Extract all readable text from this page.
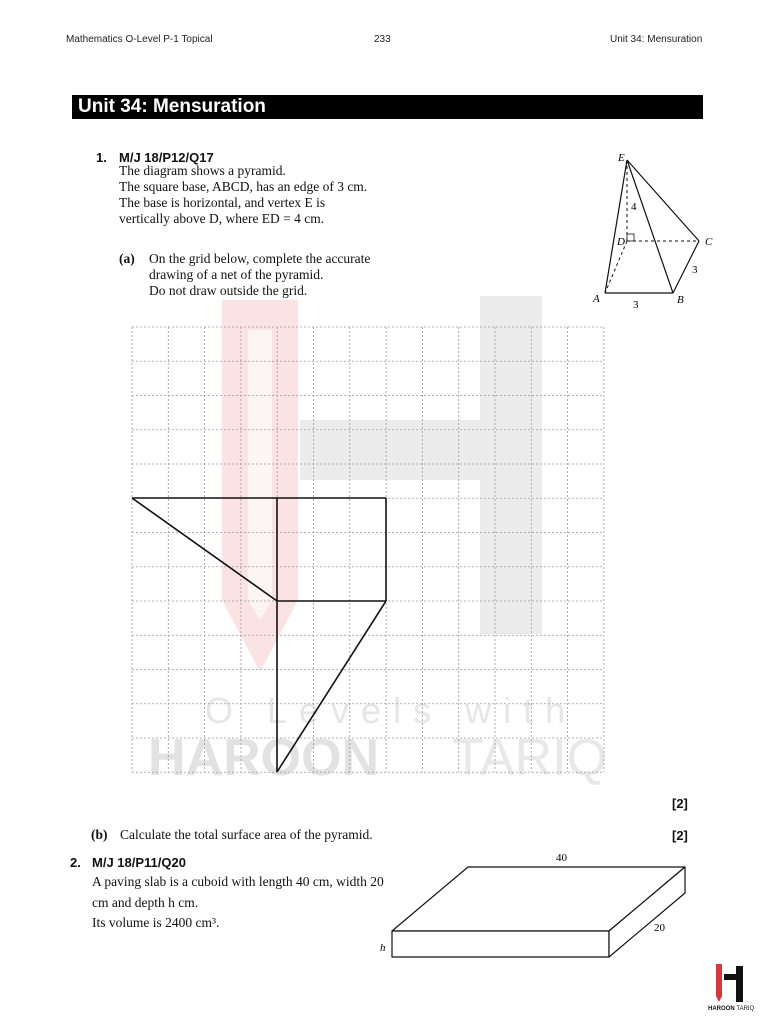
Mathematics O-Level P-1 Topical	233	Unit 34: Mensuration
Unit 34: Mensuration
O Levels with
HAROON TARIQ
1. M/J 18/P12/Q17
The diagram shows a pyramid.
The square base, ABCD, has an edge of 3 cm.
The base is horizontal, and vertex E is
vertically above D, where ED = 4 cm.
(a) On the grid below, complete the accurate
drawing of a net of the pyramid.
Do not draw outside the grid.
E
D	C
A	B
4
3
3
[2]
(b) Calculate the total surface area of the pyramid.	[2]
2. M/J 18/P11/Q20
A paving slab is a cuboid with length 40 cm, width 20
cm and depth h cm.
Its volume is 2400 cm³.
40
20
h
HAROON TARIQ
